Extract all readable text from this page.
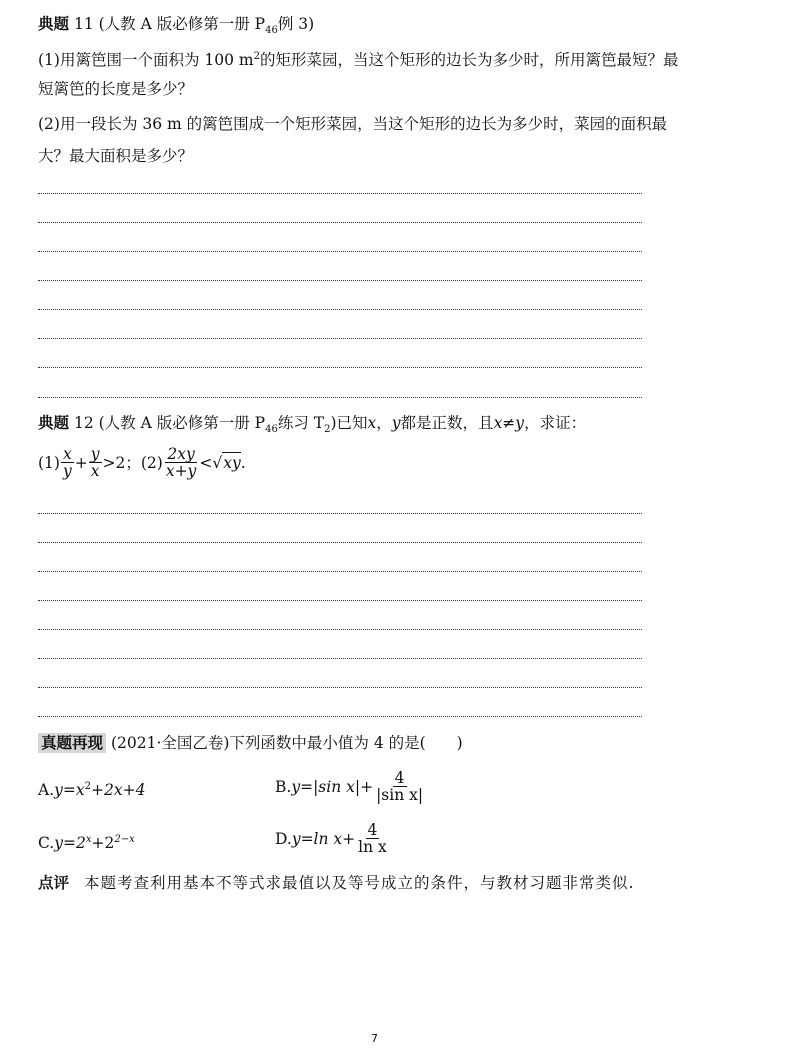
典题 11 (人教 A 版必修第一册 $P_{46}$例 3)
(1)用篱笆围一个面积为 100 $m^2$的矩形菜园，当这个矩形的边长为多少时，所用篱笆最短？最
短篱笆的长度是多少？
(2)用一段长为 36 m 的篱笆围成一个矩形菜园，当这个矩形的边长为多少时，菜园的面积最
大？最大面积是多少？
典题 12 (人教 A 版必修第一册 $P_{46}$练习 $T_2$)已知x，y都是正数，且x≠y，求证：
$(1) \frac{x}{y} + \frac{y}{x} >2$； $(2) \frac{2xy}{x+y}$ < √ xy .
真题再现 (2021·全国乙卷)下列函数中最小值为 4 的是(　　)
$A.y=x^2+2x+4$	B. y=|sin $x|+ \frac{4}{\text{|sin x|}}$
$C.y=2^x+2^{2-x}$	D. y=ln $x+ \frac{4}{\text{ln x}}$
点评 本题考查利用基本不等式求最值以及等号成立的条件，与教材习题非常类似.
7
